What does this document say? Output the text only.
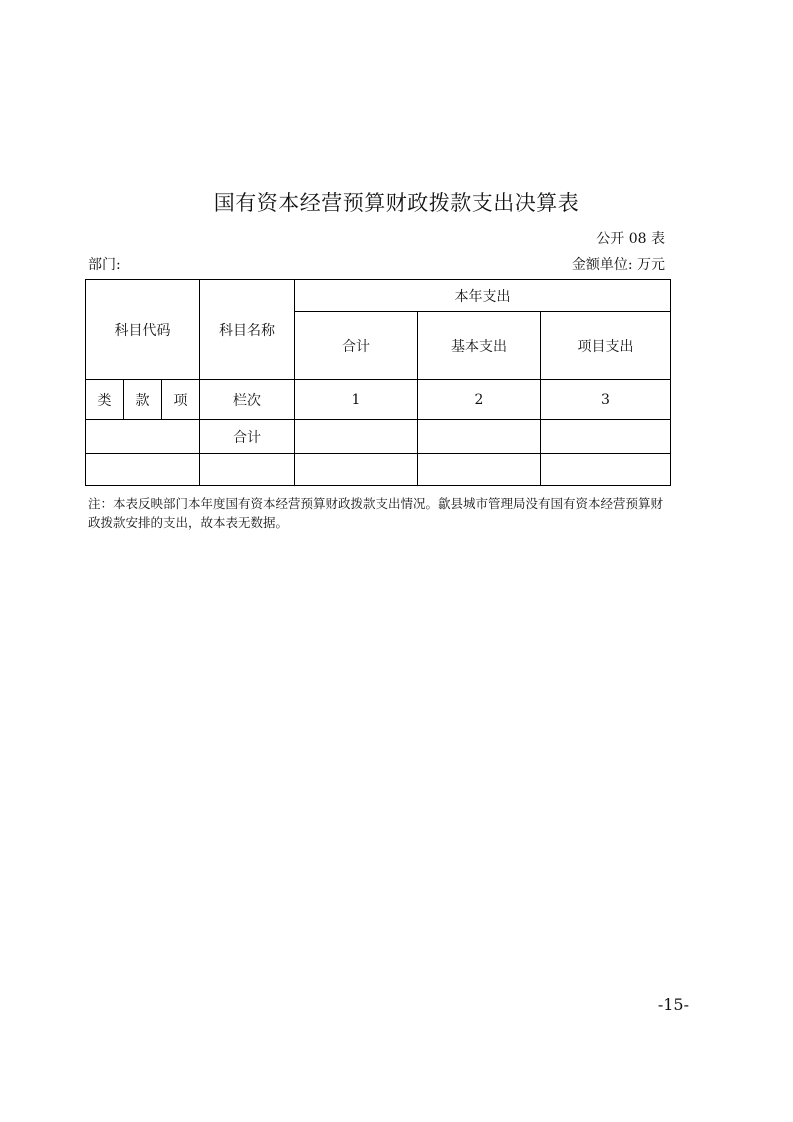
国有资本经营预算财政拨款支出决算表
公开 08 表
部门:	金额单位: 万元
科目代码			科目名称	本年支出		
				合计	基本支出	项目支出
类	款	项	栏次	1	2	3
			合计			

注：本表反映部门本年度国有资本经营预算财政拨款支出情况。歙县城市管理局没有国有资本经营预算财政拨款安排的支出，故本表无数据。
-15-
